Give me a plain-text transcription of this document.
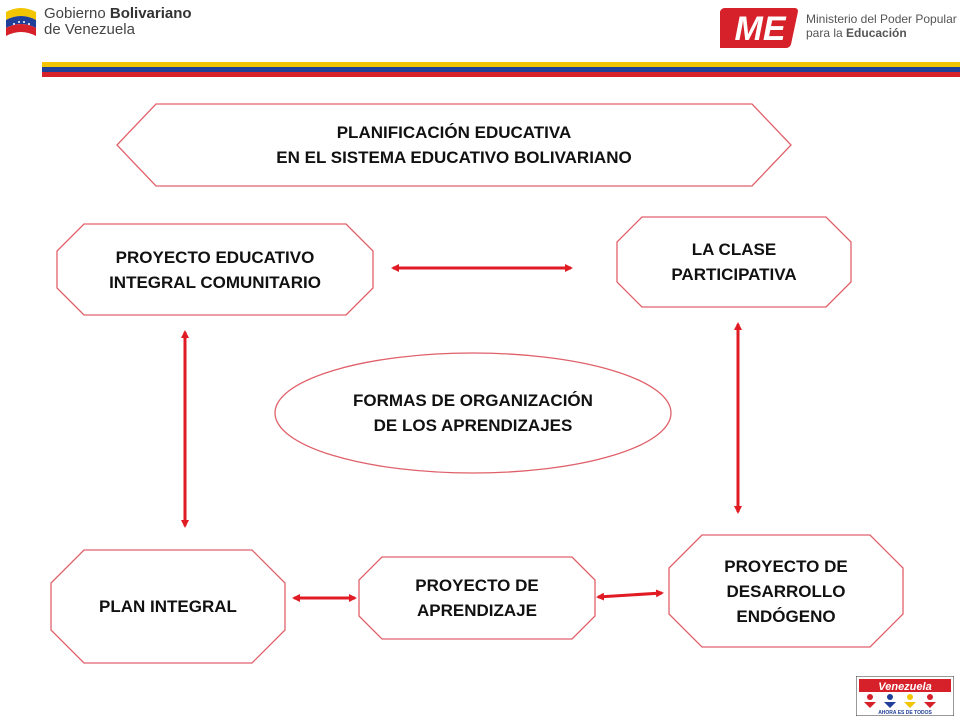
Gobierno Bolivariano
de Venezuela	ME Ministerio del Poder Popular
para la Educación
PLANIFICACIÓN EDUCATIVA
EN EL SISTEMA EDUCATIVO BOLIVARIANO
PROYECTO EDUCATIVO
INTEGRAL COMUNITARIO
LA CLASE
PARTICIPATIVA
FORMAS DE ORGANIZACIÓN
DE LOS APRENDIZAJES
PLAN INTEGRAL
PROYECTO DE
APRENDIZAJE
PROYECTO DE
DESARROLLO
ENDÓGENO
Venezuela
AHORA ES DE TODOS
